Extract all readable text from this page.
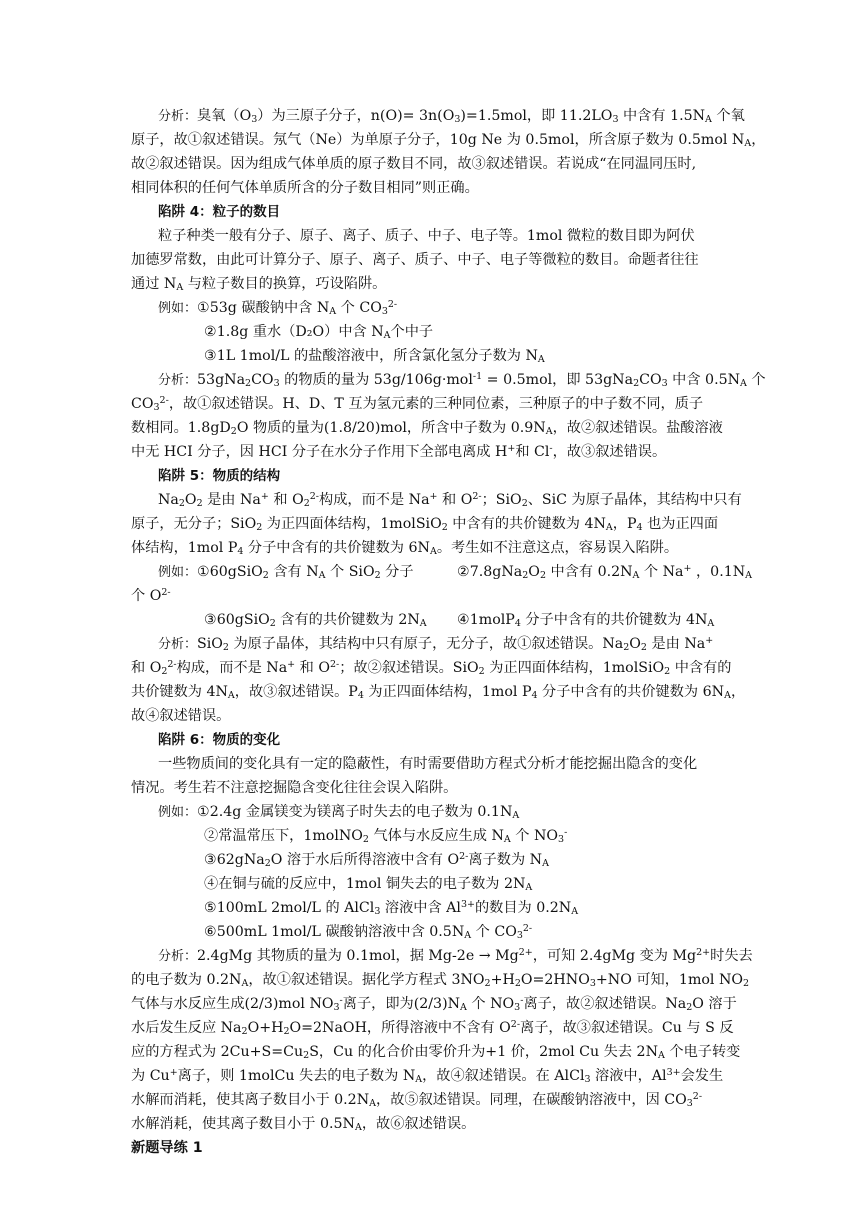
分析：臭氧$(O_3)$为三原子分子，$n(O)= 3n(O_3)=1.5mol$，即 $11.2LO_3$ 中含有 $1.5N_A$ 个氧
原子，故①叙述错误。氖气（Ne）为单原子分子，10g Ne 为 0.5mol，所含原子数为 0.5mol $N_A$，
故②叙述错误。因为组成气体单质的原子数目不同，故③叙述错误。若说成“在同温同压时,
相同体积的任何气体单质所含的分子数目相同”则正确。
陷阱 4：粒子的数目
粒子种类一般有分子、原子、离子、质子、中子、电子等。1mol 微粒的数目即为阿伏
加德罗常数，由此可计算分子、原子、离子、质子、中子、电子等微粒的数目。命题者往往
通过 $N_A$ 与粒子数目的换算，巧设陷阱。
例如：①53g 碳酸钠中含 $N_A$ 个 $CO_3^{2-}$
②1.8g 重水（D₂O）中含 $N_A$个中子
③1L 1mol/L 的盐酸溶液中，所含氯化氢分子数为 $N_A$
分析：$53gNa_2CO_3$ 的物质的量为 53g/106g·mol$^{-1}$ = 0.5mol，即 $53gNa_2CO_3$ 中含 $0.5N_A$ 个
$CO_3^{2-}$，故①叙述错误。H、D、T 互为氢元素的三种同位素，三种原子的中子数不同，质子
数相同。$1.8gD_2O$ 物质的量为(1.8/20)mol，所含中子数为 $0.9N_A$，故②叙述错误。盐酸溶液
中无 HCI 分子，因 HCI 分子在水分子作用下全部电离成 H+和 Cl-，故③叙述错误。
陷阱 5：物质的结构
$Na_2O_2$ 是由 Na+ 和 $O_2^{2-}$构成，而不是 Na+ 和 $O^{2-}$；SiO$_2$、SiC 为原子晶体，其结构中只有
原子，无分子；SiO$_2$ 为正四面体结构，1molSiO$_2$ 中含有的共价键数为 $4N_A$，$P_4$ 也为正四面
体结构，1mol $P_4$ 分子中含有的共价键数为 $6N_A$。考生如不注意这点，容易误入陷阱。
例如：①60gSiO$_2$ 含有 $N_A$ 个 SiO$_2$ 分子	$②7.8gNa_2O_2$ 中含有 $0.2N_A$ 个 Na+ ，$0.1N_A$
个 $O^{2-}$
③60gSiO$_2$ 含有的共价键数为 $2N_A$ ④1molP$_4$ 分子中含有的共价键数为 $4N_A$
分析：SiO$_2$ 为原子晶体，其结构中只有原子，无分子，故①叙述错误。$Na_2O_2$ 是由 Na+
和 $O_2^{2-}$构成，而不是 Na+ 和 $O^{2-}$；故②叙述错误。SiO$_2$ 为正四面体结构，1molSiO$_2$ 中含有的
共价键数为 $4N_A$，故③叙述错误。$P_4$ 为正四面体结构，1mol $P_4$ 分子中含有的共价键数为 $6N_A$，
故④叙述错误。
陷阱 6：物质的变化
一些物质间的变化具有一定的隐蔽性，有时需要借助方程式分析才能挖掘出隐含的变化
情况。考生若不注意挖掘隐含变化往往会误入陷阱。
例如：①2.4g 金属镁变为镁离子时失去的电子数为 $0.1N_A$
②常温常压下，1molNO$_2$ 气体与水反应生成 $N_A$ 个 $NO_3^-$
③62gNa$_2$O 溶于水后所得溶液中含有 $O^{2-}$离子数为 $N_A$
④在铜与硫的反应中，1mol 铜失去的电子数为 $2N_A$
⑤100mL 2mol/L 的 AlCl$_3$ 溶液中含 $Al^{3+}$的数目为 $0.2N_A$
⑥500mL 1mol/L 碳酸钠溶液中含 $0.5N_A$ 个 $CO_3^{2-}$
分析：2.4gMg 其物质的量为 0.1mol，据 $Mg-2e \to Mg^{2+}$，可知 2.4gMg 变为 $Mg^{2+}$时失去
的电子数为 $0.2N_A$，故①叙述错误。据化学方程式 $3NO_2+H_2O=2HNO_3+NO$ 可知，1mol $NO_2$
气体与水反应生成(2/3)mol $NO_3^-$离子，即为$(2/3)N_A$ 个 $NO_3^-$离子，故②叙述错误。$Na_2O$ 溶于
水后发生反应 $Na_2O+H_2O=2NaOH$，所得溶液中不含有 $O^{2-}$离子，故③叙述错误。Cu 与 S 反
应的方程式为 $2Cu+S=Cu_2S$，Cu 的化合价由零价升为+1 价，2mol Cu 失去 $2N_A$ 个电子转变
为 Cu+离子，则 1molCu 失去的电子数为 $N_A$，故④叙述错误。在 AlCl$_3$ 溶液中，$Al^{3+}$会发生
水解而消耗，使其离子数目小于 $0.2N_A$，故⑤叙述错误。同理，在碳酸钠溶液中，因 $CO_3^{2-}$
水解消耗，使其离子数目小于 $0.5N_A$，故⑥叙述错误。
新题导练 1
